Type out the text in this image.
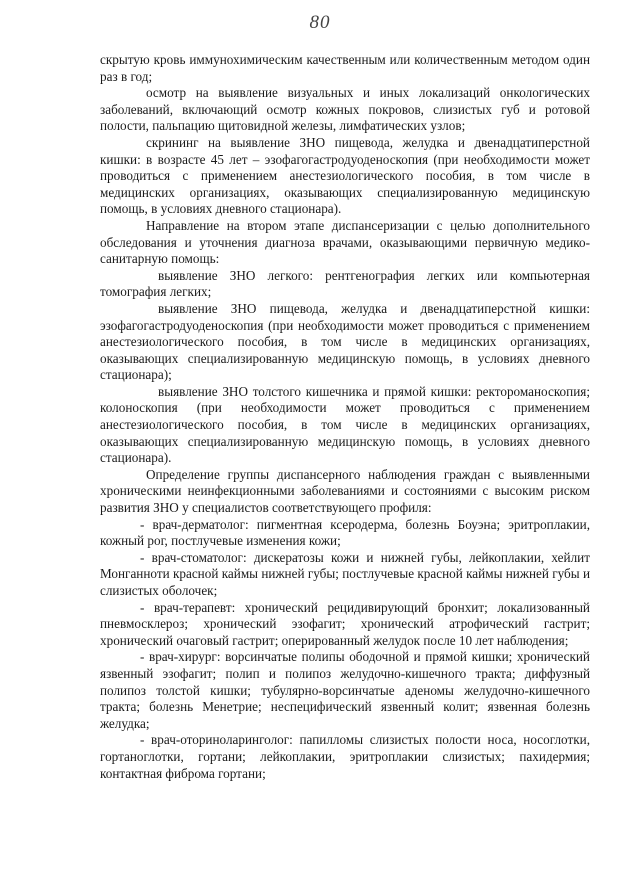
80

скрытую кровь иммунохимическим качественным или количественным методом один раз в год;

осмотр на выявление визуальных и иных локализаций онкологических заболеваний, включающий осмотр кожных покровов, слизистых губ и ротовой полости, пальпацию щитовидной железы, лимфатических узлов;

скрининг на выявление ЗНО пищевода, желудка и двенадцатиперстной кишки: в возрасте 45 лет – эзофагогастродуоденоскопия (при необходимости может проводиться с применением анестезиологического пособия, в том числе в медицинских организациях, оказывающих специализированную медицинскую помощь, в условиях дневного стационара).

Направление на втором этапе диспансеризации с целью дополнительного обследования и уточнения диагноза врачами, оказывающими первичную медико-санитарную помощь:

выявление ЗНО легкого: рентгенография легких или компьютерная томография легких;

выявление ЗНО пищевода, желудка и двенадцатиперстной кишки: эзофагогастродуоденоскопия (при необходимости может проводиться с применением анестезиологического пособия, в том числе в медицинских организациях, оказывающих специализированную медицинскую помощь, в условиях дневного стационара);

выявление ЗНО толстого кишечника и прямой кишки: ректороманоскопия; колоноскопия (при необходимости может проводиться с применением анестезиологического пособия, в том числе в медицинских организациях, оказывающих специализированную медицинскую помощь, в условиях дневного стационара).

Определение группы диспансерного наблюдения граждан с выявленными хроническими неинфекционными заболеваниями и состояниями с высоким риском развития ЗНО у специалистов соответствующего профиля:

- врач-дерматолог: пигментная ксеродерма, болезнь Боуэна; эритроплакии, кожный рог, постлучевые изменения кожи;

- врач-стоматолог: дискератозы кожи и нижней губы, лейкоплакии, хейлит Монганноти красной каймы нижней губы; постлучевые красной каймы нижней губы и слизистых оболочек;

- врач-терапевт: хронический рецидивирующий бронхит; локализованный пневмосклероз; хронический эзофагит; хронический атрофический гастрит; хронический очаговый гастрит; оперированный желудок после 10 лет наблюдения;

- врач-хирург: ворсинчатые полипы ободочной и прямой кишки; хронический язвенный эзофагит; полип и полипоз желудочно-кишечного тракта; диффузный полипоз толстой кишки; тубулярно-ворсинчатые аденомы желудочно-кишечного тракта; болезнь Менетрие; неспецифический язвенный колит; язвенная болезнь желудка;

- врач-оториноларинголог: папилломы слизистых полости носа, носоглотки, гортаноглотки, гортани; лейкоплакии, эритроплакии слизистых; пахидермия; контактная фиброма гортани;
